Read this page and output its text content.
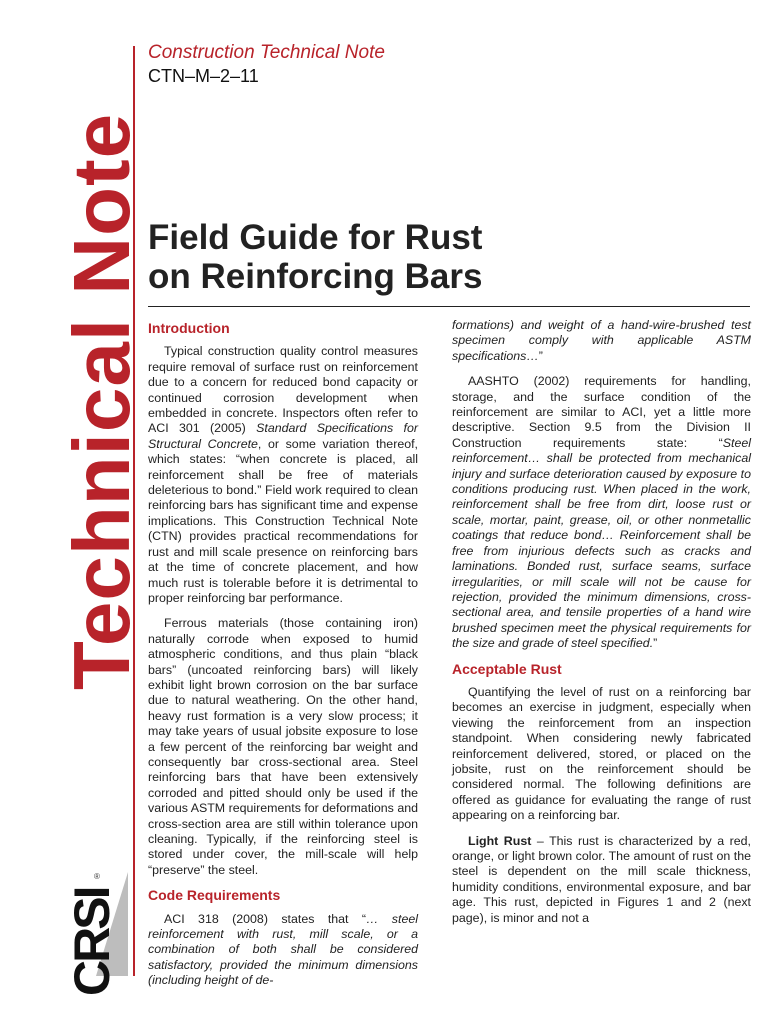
Technical Note
CRSI
®
Construction Technical Note
CTN–M–2–11
Field Guide for Rust
on Reinforcing Bars
Introduction

Typical construction quality control measures require removal of surface rust on reinforcement due to a concern for reduced bond capacity or continued corrosion development when embedded in concrete. Inspectors often refer to ACI 301 (2005) Standard Specifications for Structural Concrete, or some variation thereof, which states: “when concrete is placed, all reinforcement shall be free of materials deleterious to bond.” Field work required to clean reinforcing bars has significant time and expense implications. This Construction Technical Note (CTN) provides practical recommendations for rust and mill scale presence on reinforcing bars at the time of concrete placement, and how much rust is tolerable before it is detrimental to proper reinforcing bar performance.

Ferrous materials (those containing iron) naturally corrode when exposed to humid atmospheric conditions, and thus plain “black bars” (uncoated reinforcing bars) will likely exhibit light brown corrosion on the bar surface due to natural weathering. On the other hand, heavy rust formation is a very slow process; it may take years of usual jobsite exposure to lose a few percent of the reinforcing bar weight and consequently bar cross-sectional area. Steel reinforcing bars that have been extensively corroded and pitted should only be used if the various ASTM requirements for deformations and cross-section area are still within tolerance upon cleaning. Typically, if the reinforcing steel is stored under cover, the mill-scale will help “preserve” the steel.

Code Requirements

ACI 318 (2008) states that “… steel reinforcement with rust, mill scale, or a combination of both shall be considered satisfactory, provided the minimum dimensions (including height of de-

formations) and weight of a hand-wire-brushed test specimen comply with applicable ASTM specifications…”

AASHTO (2002) requirements for handling, storage, and the surface condition of the reinforcement are similar to ACI, yet a little more descriptive. Section 9.5 from the Division II Construction requirements state: “Steel reinforcement… shall be protected from mechanical injury and surface deterioration caused by exposure to conditions producing rust. When placed in the work, reinforcement shall be free from dirt, loose rust or scale, mortar, paint, grease, oil, or other nonmetallic coatings that reduce bond… Reinforcement shall be free from injurious defects such as cracks and laminations. Bonded rust, surface seams, surface irregularities, or mill scale will not be cause for rejection, provided the minimum dimensions, cross-sectional area, and tensile properties of a hand wire brushed specimen meet the physical requirements for the size and grade of steel specified.”

Acceptable Rust

Quantifying the level of rust on a reinforcing bar becomes an exercise in judgment, especially when viewing the reinforcement from an inspection standpoint. When considering newly fabricated reinforcement delivered, stored, or placed on the jobsite, rust on the reinforcement should be considered normal. The following definitions are offered as guidance for evaluating the range of rust appearing on a reinforcing bar.

Light Rust – This rust is characterized by a red, orange, or light brown color. The amount of rust on the steel is dependent on the mill scale thickness, humidity conditions, environmental exposure, and bar age. This rust, depicted in Figures 1 and 2 (next page), is minor and not a
